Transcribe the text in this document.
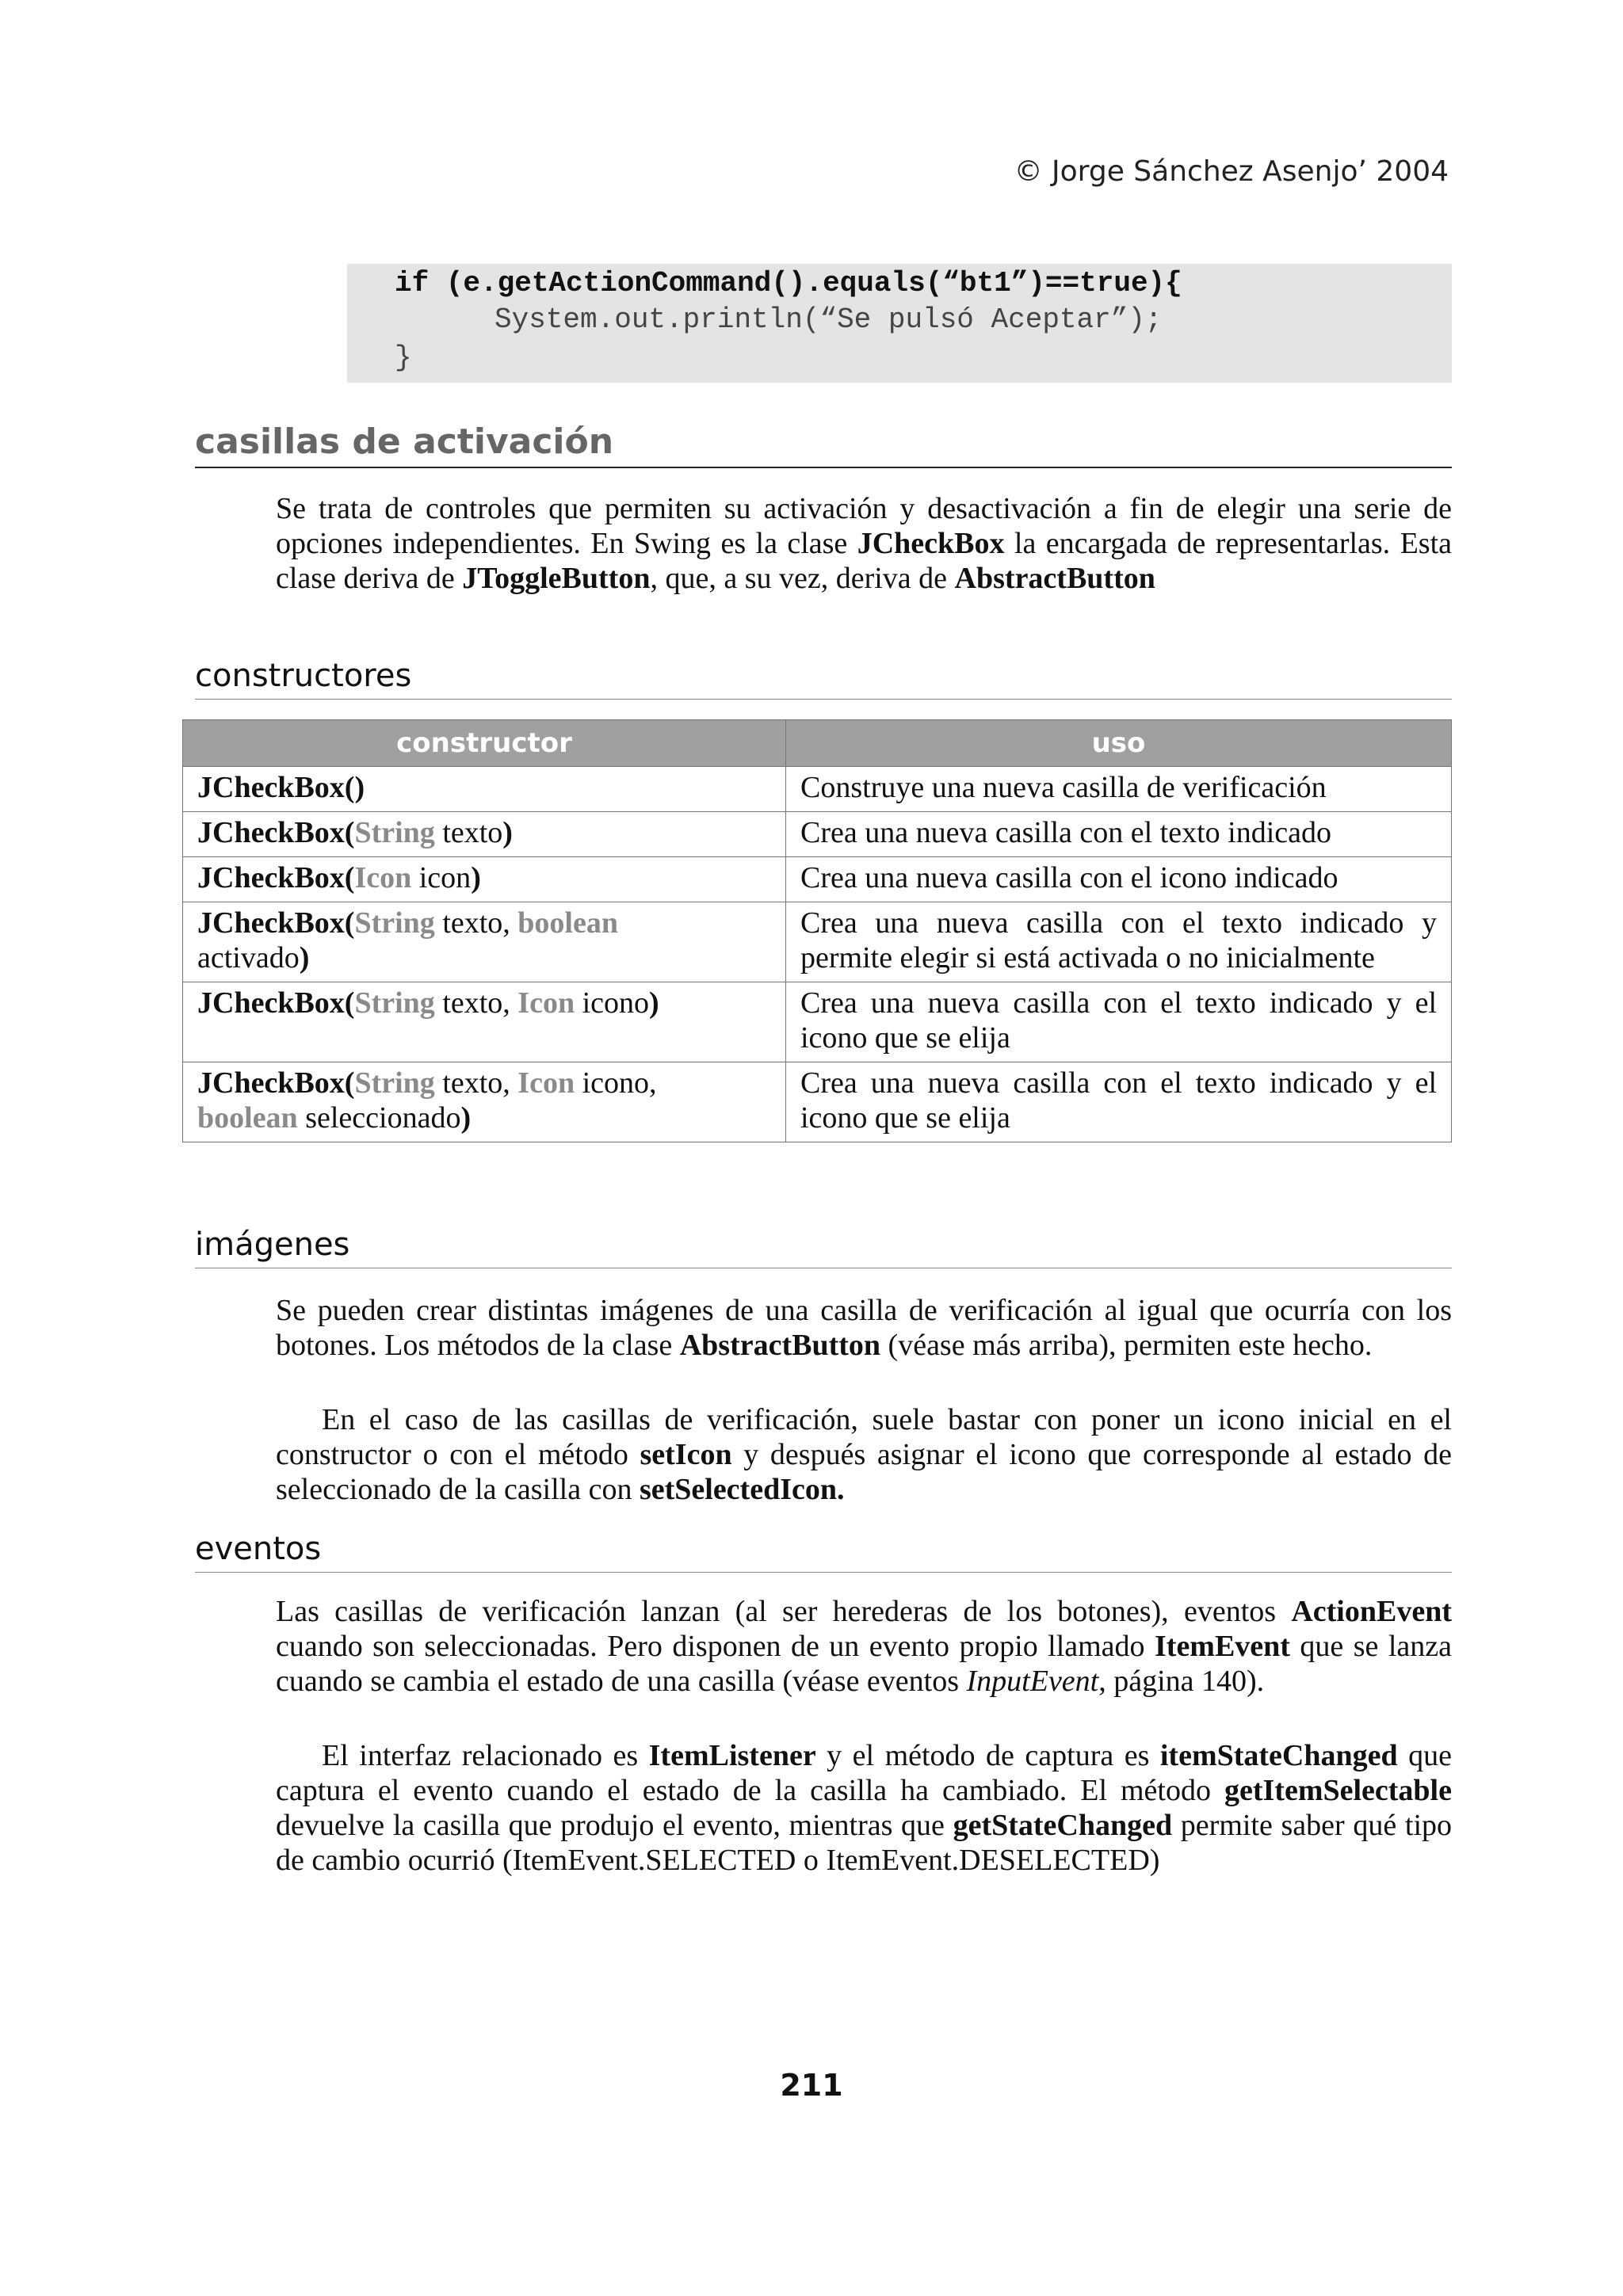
© Jorge Sánchez Asenjo’ 2004
if (e.getActionCommand().equals(“bt1”)==true){
System.out.println(“Se pulsó Aceptar”);
}
casillas de activación
Se trata de controles que permiten su activación y desactivación a fin de elegir una serie de opciones independientes. En Swing es la clase JCheckBox la encargada de representarlas. Esta clase deriva de JToggleButton, que, a su vez, deriva de AbstractButton
constructores
constructor	uso
JCheckBox()	Construye una nueva casilla de verificación
JCheckBox(String texto)	Crea una nueva casilla con el texto indicado
JCheckBox(Icon icon)	Crea una nueva casilla con el icono indicado
JCheckBox(String texto, boolean
activado)	Crea una nueva casilla con el texto indicado y permite elegir si está activada o no inicialmente
JCheckBox(String texto, Icon icono)	Crea una nueva casilla con el texto indicado y el icono que se elija
JCheckBox(String texto, Icon icono,
boolean seleccionado)	Crea una nueva casilla con el texto indicado y el icono que se elija
imágenes
Se pueden crear distintas imágenes de una casilla de verificación al igual que ocurría con los botones. Los métodos de la clase AbstractButton (véase más arriba), permiten este hecho.
En el caso de las casillas de verificación, suele bastar con poner un icono inicial en el constructor o con el método setIcon y después asignar el icono que corresponde al estado de seleccionado de la casilla con setSelectedIcon.
eventos
Las casillas de verificación lanzan (al ser herederas de los botones), eventos ActionEvent cuando son seleccionadas. Pero disponen de un evento propio llamado ItemEvent que se lanza cuando se cambia el estado de una casilla (véase eventos InputEvent, página 140).
El interfaz relacionado es ItemListener y el método de captura es itemStateChanged que captura el evento cuando el estado de la casilla ha cambiado. El método getItemSelectable devuelve la casilla que produjo el evento, mientras que getStateChanged permite saber qué tipo de cambio ocurrió (ItemEvent.SELECTED o ItemEvent.DESELECTED)
211
